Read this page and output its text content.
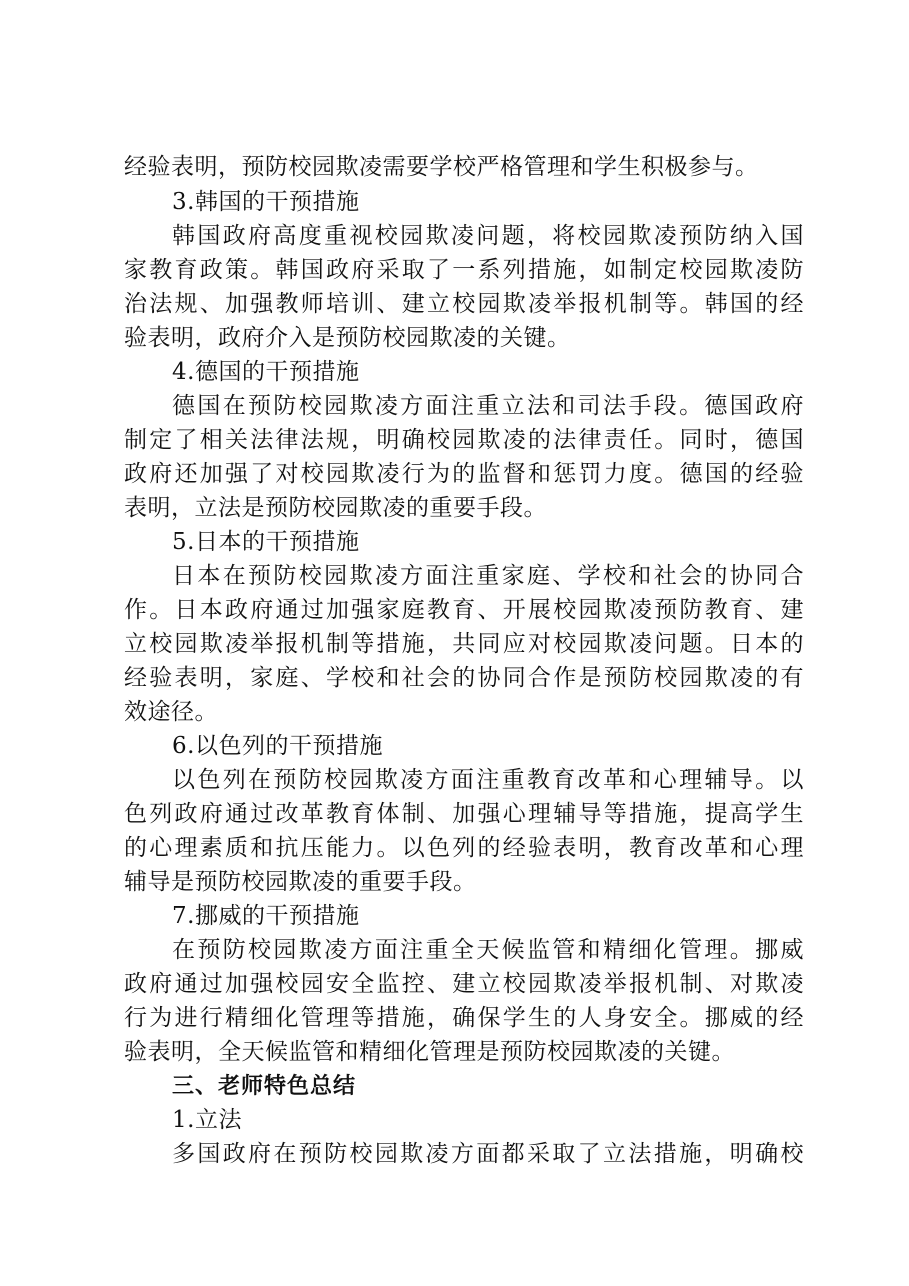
经验表明，预防校园欺凌需要学校严格管理和学生积极参与。
3.韩国的干预措施
韩国政府高度重视校园欺凌问题，将校园欺凌预防纳入国
家教育政策。韩国政府采取了一系列措施，如制定校园欺凌防
治法规、加强教师培训、建立校园欺凌举报机制等。韩国的经
验表明，政府介入是预防校园欺凌的关键。
4.德国的干预措施
德国在预防校园欺凌方面注重立法和司法手段。德国政府
制定了相关法律法规，明确校园欺凌的法律责任。同时，德国
政府还加强了对校园欺凌行为的监督和惩罚力度。德国的经验
表明，立法是预防校园欺凌的重要手段。
5.日本的干预措施
日本在预防校园欺凌方面注重家庭、学校和社会的协同合
作。日本政府通过加强家庭教育、开展校园欺凌预防教育、建
立校园欺凌举报机制等措施，共同应对校园欺凌问题。日本的
经验表明，家庭、学校和社会的协同合作是预防校园欺凌的有
效途径。
6.以色列的干预措施
以色列在预防校园欺凌方面注重教育改革和心理辅导。以
色列政府通过改革教育体制、加强心理辅导等措施，提高学生
的心理素质和抗压能力。以色列的经验表明，教育改革和心理
辅导是预防校园欺凌的重要手段。
7.挪威的干预措施
在预防校园欺凌方面注重全天候监管和精细化管理。挪威
政府通过加强校园安全监控、建立校园欺凌举报机制、对欺凌
行为进行精细化管理等措施，确保学生的人身安全。挪威的经
验表明，全天候监管和精细化管理是预防校园欺凌的关键。
三、老师特色总结
1.立法
多国政府在预防校园欺凌方面都采取了立法措施，明确校
